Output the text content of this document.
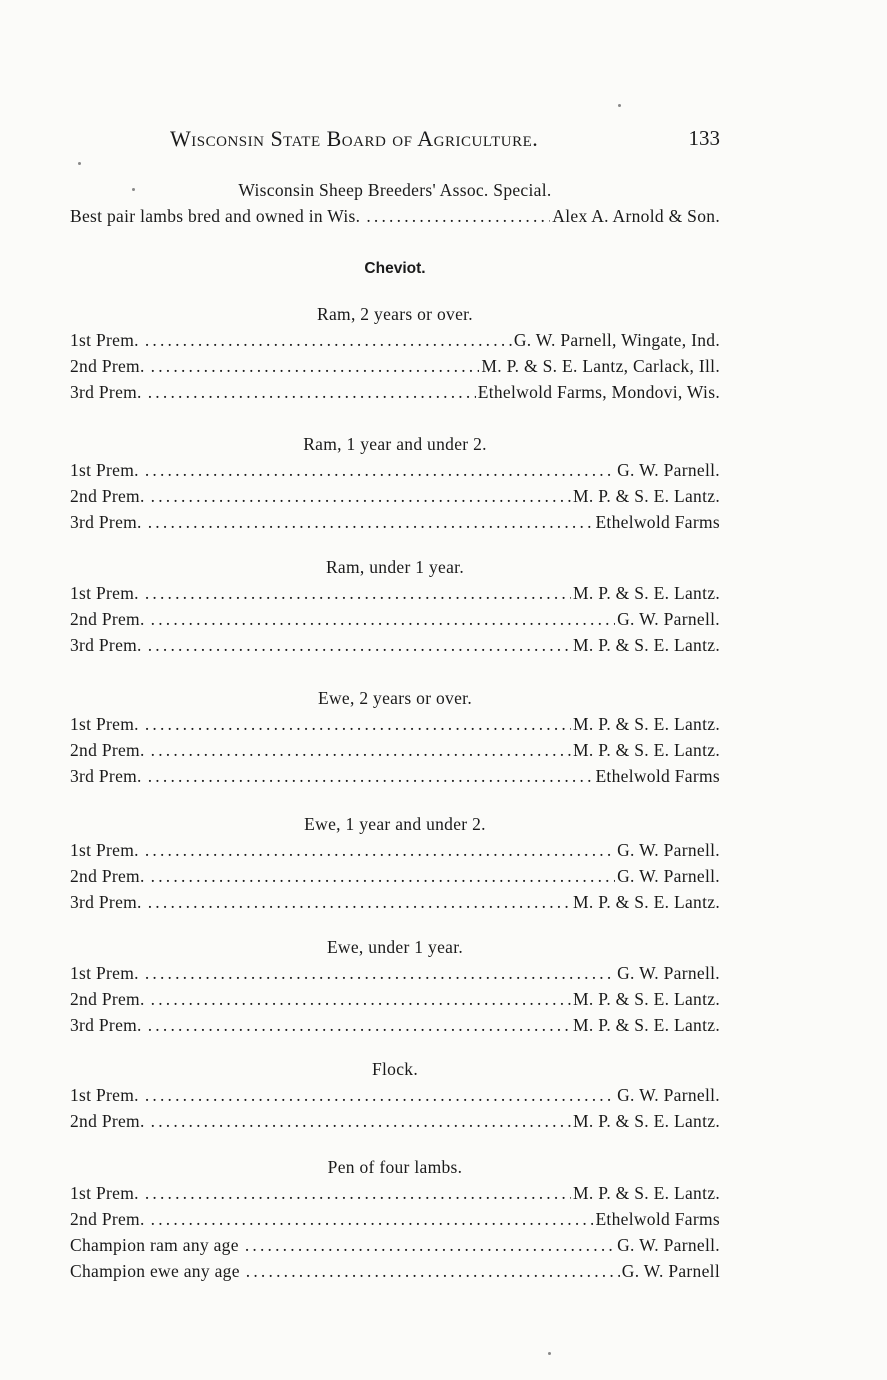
Wisconsin State Board of Agriculture.	133
Wisconsin Sheep Breeders' Assoc. Special.
Best pair lambs bred and owned in Wis. .....	Alex A. Arnold & Son.
Cheviot.
Ram, 2 years or over.
1st Prem. .....	G. W. Parnell, Wingate, Ind.
2nd Prem. .....	M. P. & S. E. Lantz, Carlack, Ill.
3rd Prem. .....	Ethelwold Farms, Mondovi, Wis.
Ram, 1 year and under 2.
1st Prem. .....	G. W. Parnell.
2nd Prem. .....	M. P. & S. E. Lantz.
3rd Prem. .....	Ethelwold Farms
Ram, under 1 year.
1st Prem. .....	M. P. & S. E. Lantz.
2nd Prem. .....	G. W. Parnell.
3rd Prem. .....	M. P. & S. E. Lantz.
Ewe, 2 years or over.
1st Prem. .....	M. P. & S. E. Lantz.
2nd Prem. .....	M. P. & S. E. Lantz.
3rd Prem. .....	Ethelwold Farms
Ewe, 1 year and under 2.
1st Prem. .....	G. W. Parnell.
2nd Prem. .....	G. W. Parnell.
3rd Prem. .....	M. P. & S. E. Lantz.
Ewe, under 1 year.
1st Prem. .....	G. W. Parnell.
2nd Prem. .....	M. P. & S. E. Lantz.
3rd Prem. .....	M. P. & S. E. Lantz.
Flock.
1st Prem. .....	G. W. Parnell.
2nd Prem. .....	M. P. & S. E. Lantz.
Pen of four lambs.
1st Prem. .....	M. P. & S. E. Lantz.
2nd Prem. .....	Ethelwold Farms
Champion ram any age .....	G. W. Parnell.
Champion ewe any age .....	G. W. Parnell
